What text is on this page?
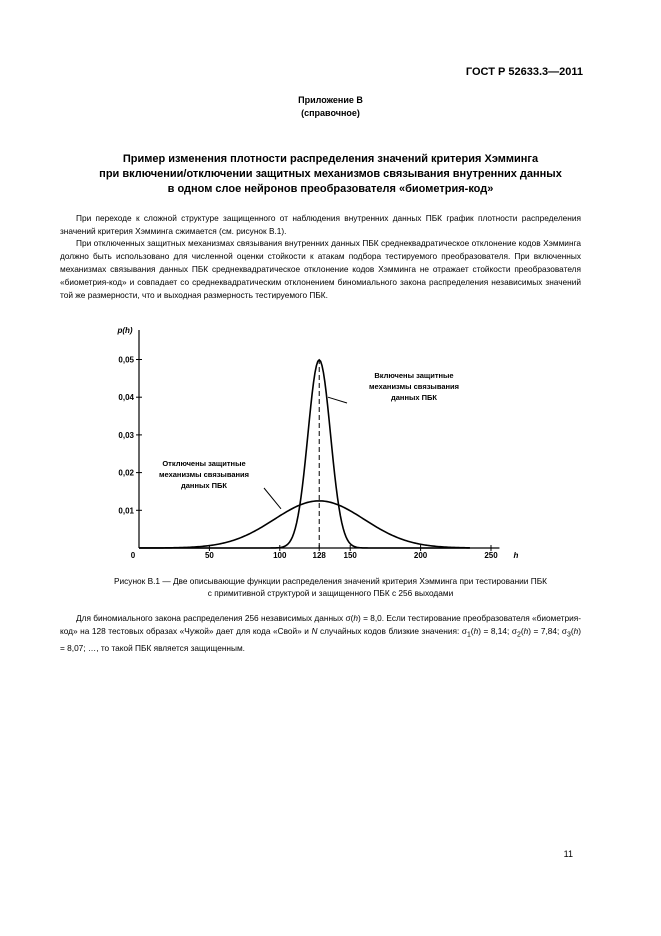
ГОСТ Р 52633.3—2011
Приложение В
(справочное)
Пример изменения плотности распределения значений критерия Хэмминга
при включении/отключении защитных механизмов связывания внутренних данных
в одном слое нейронов преобразователя «биометрия-код»

При переходе к сложной структуре защищенного от наблюдения внутренних данных ПБК график плотности распределения значений критерия Хэмминга сжимается (см. рисунок В.1).

При отключенных защитных механизмах связывания внутренних данных ПБК среднеквадратическое отклонение кодов Хэмминга должно быть использовано для численной оценки стойкости к атакам подбора тестируемого преобразователя. При включенных механизмах связывания данных ПБК среднеквадратическое отклонение кодов Хэмминга не отражает стойкости преобразователя «биометрия-код» и совпадает со среднеквадратическим отклонением биномиального закона распределения независимых значений той же размерности, что и выходная размерность тестируемого ПБК.

0,01
0,02
0,03
0,04
0,05
0	50	100	128 150	200	250
Включены защитные
механизмы связывания
данных ПБК
Отключены защитные
механизмы связывания
данных ПБК
p(h)
h
Рисунок В.1 — Две описывающие функции распределения значений критерия Хэмминга при тестировании ПБК
с примитивной структурой и защищенного ПБК с 256 выходами

Для биномиального закона распределения 256 независимых данных σ(h) = 8,0. Если тестирование преобразователя «биометрия-код» на 128 тестовых образах «Чужой» дает для кода «Свой» и N случайных кодов близкие значения: $\sigma_1(h) = 8,14$; $\sigma_2(h) = 7,84$; $\sigma_3(h) = 8,07$; …, то такой ПБК является защищенным.

11
